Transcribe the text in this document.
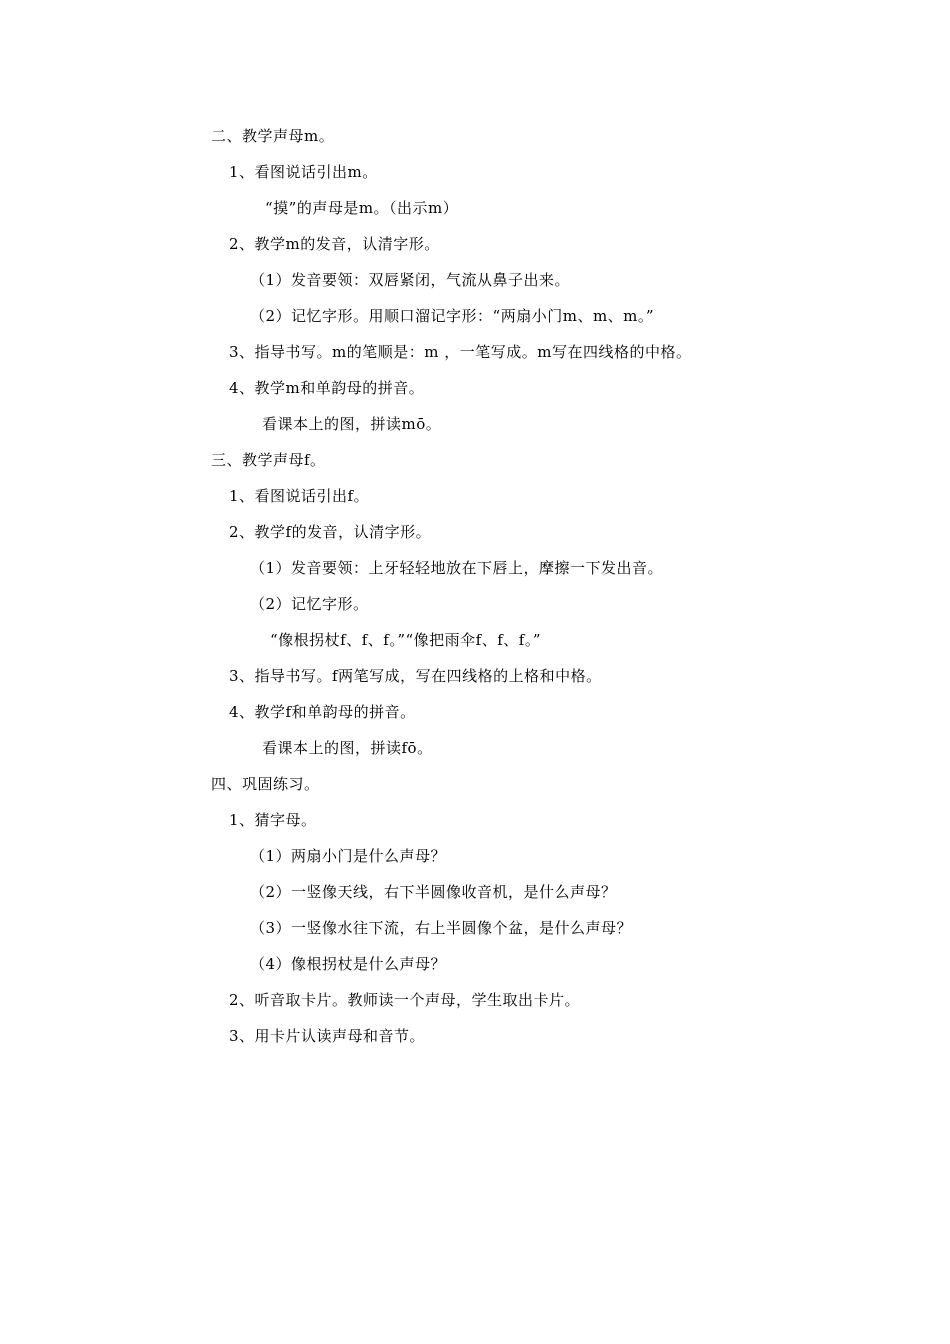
二、教学声母m。
1、看图说话引出m。
“摸”的声母是m。（出示m）
2、教学m的发音，认清字形。
（1）发音要领：双唇紧闭，气流从鼻子出来。
（2）记忆字形。用顺口溜记字形：“两扇小门m、m、m。”
3、指导书写。m的笔顺是：m ，一笔写成。m写在四线格的中格。
4、教学m和单韵母的拼音。
看课本上的图，拼读mō。
三、教学声母f。
1、看图说话引出f。
2、教学f的发音，认清字形。
（1）发音要领：上牙轻轻地放在下唇上，摩擦一下发出音。
（2）记忆字形。
“像根拐杖f、f、f。”“像把雨伞f、f、f。”
3、指导书写。f两笔写成，写在四线格的上格和中格。
4、教学f和单韵母的拼音。
看课本上的图，拼读fō。
四、巩固练习。
1、猜字母。
（1）两扇小门是什么声母？
（2）一竖像天线，右下半圆像收音机，是什么声母？
（3）一竖像水往下流，右上半圆像个盆，是什么声母？
（4）像根拐杖是什么声母？
2、听音取卡片。教师读一个声母，学生取出卡片。
3、用卡片认读声母和音节。
